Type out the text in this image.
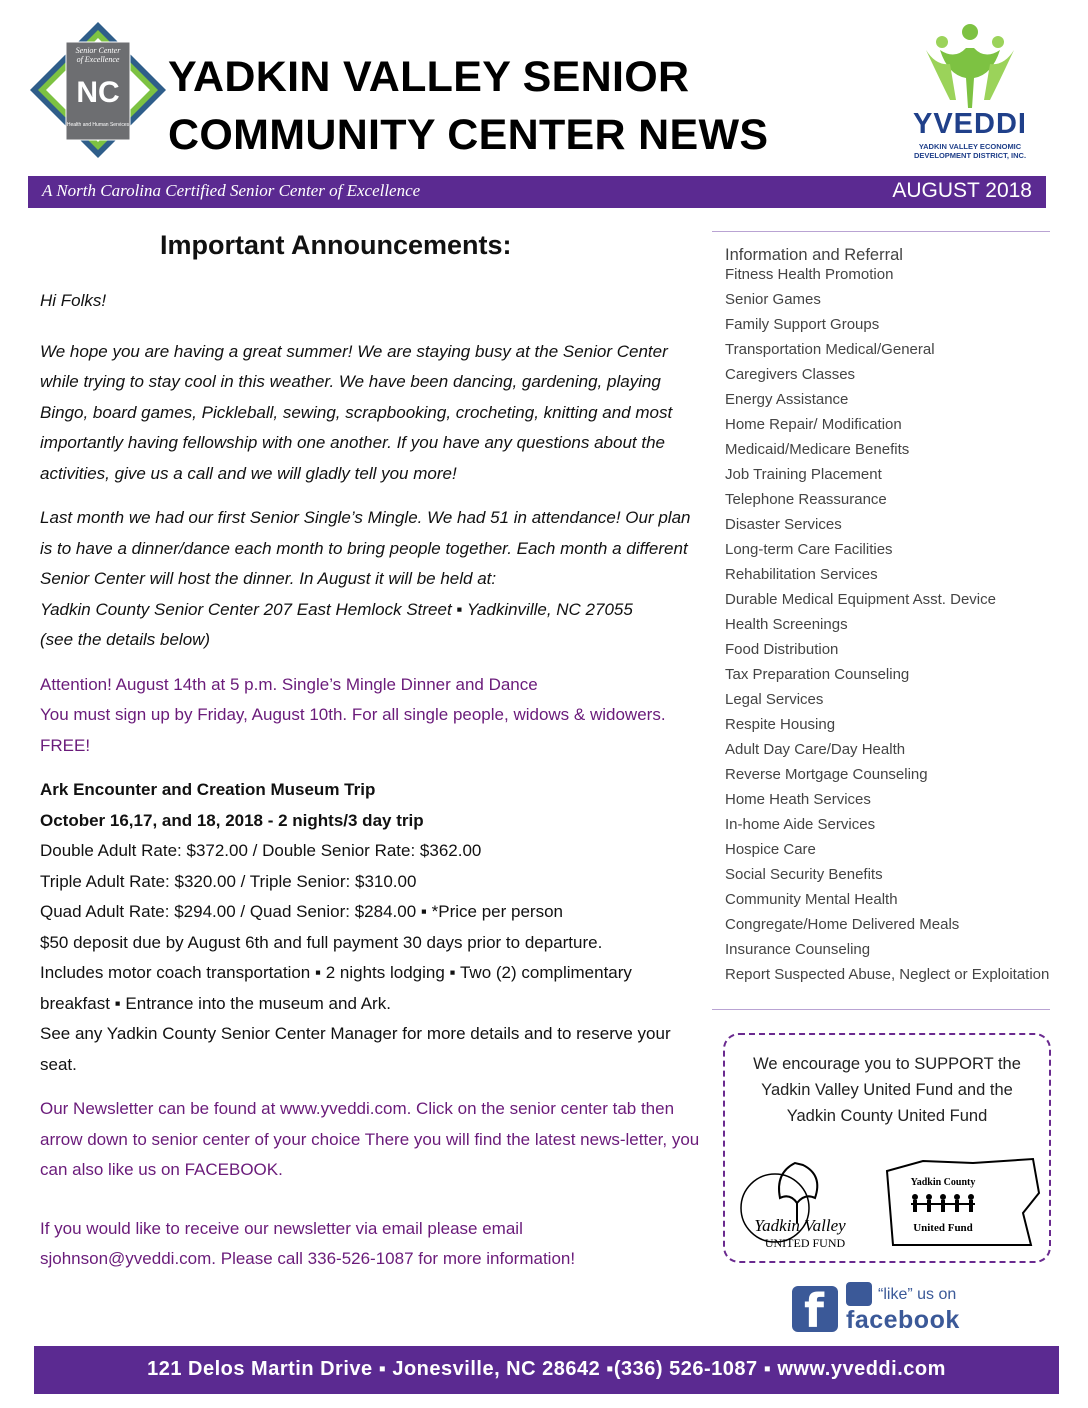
Senior Center
of Excellence
NC
Health and Human Services
YADKIN VALLEY SENIOR
COMMUNITY CENTER NEWS	YVEDDI
YADKIN VALLEY ECONOMIC
DEVELOPMENT DISTRICT, INC.
A North Carolina Certified Senior Center of Excellence	AUGUST 2018
Important Announcements:

Hi Folks!

We hope you are having a great summer! We are staying busy at the Senior Center while trying to stay cool in this weather. We have been dancing, gardening, playing Bingo, board games, Pickleball, sewing, scrapbooking, crocheting, knitting and most importantly having fellowship with one another. If you have any questions about the activities, give us a call and we will gladly tell you more!

Last month we had our first Senior Single’s Mingle. We had 51 in attendance! Our plan is to have a dinner/dance each month to bring people together. Each month a different Senior Center will host the dinner. In August it will be held at:
Yadkin County Senior Center 207 East Hemlock Street ▪ Yadkinville, NC 27055
(see the details below)

Attention! August 14th at 5 p.m. Single’s Mingle Dinner and Dance
You must sign up by Friday, August 10th. For all single people, widows & widowers. FREE!

Ark Encounter and Creation Museum Trip
October 16,17, and 18, 2018 - 2 nights/3 day trip
Double Adult Rate: $372.00 / Double Senior Rate: $362.00
Triple Adult Rate: $320.00 / Triple Senior: $310.00
Quad Adult Rate: $294.00 / Quad Senior: $284.00 ▪ *Price per person
$50 deposit due by August 6th and full payment 30 days prior to departure.
Includes motor coach transportation ▪ 2 nights lodging ▪ Two (2) complimentary breakfast ▪ Entrance into the museum and Ark.
See any Yadkin County Senior Center Manager for more details and to reserve your seat.

Our Newsletter can be found at www.yveddi.com. Click on the senior center tab then arrow down to senior center of your choice There you will find the latest news-letter, you can also like us on FACEBOOK.

If you would like to receive our newsletter via email please email sjohnson@yveddi.com. Please call 336-526-1087 for more information!

Information and Referral
Fitness Health Promotion
Senior Games
Family Support Groups
Transportation Medical/General
Caregivers Classes
Energy Assistance
Home Repair/ Modification
Medicaid/Medicare Benefits
Job Training Placement
Telephone Reassurance
Disaster Services
Long-term Care Facilities
Rehabilitation Services
Durable Medical Equipment Asst. Device
Health Screenings
Food Distribution
Tax Preparation Counseling
Legal Services
Respite Housing
Adult Day Care/Day Health
Reverse Mortgage Counseling
Home Heath Services
In-home Aide Services
Hospice Care
Social Security Benefits
Community Mental Health
Congregate/Home Delivered Meals
Insurance Counseling
Report Suspected Abuse, Neglect or Exploitation
We encourage you to SUPPORT the Yadkin Valley United Fund and the Yadkin County United Fund
Yadkin Valley
UNITED FUND
Yadkin County
United Fund
f	“like” us on
facebook
121 Delos Martin Drive ▪ Jonesville, NC 28642 ▪(336) 526-1087 ▪ www.yveddi.com
